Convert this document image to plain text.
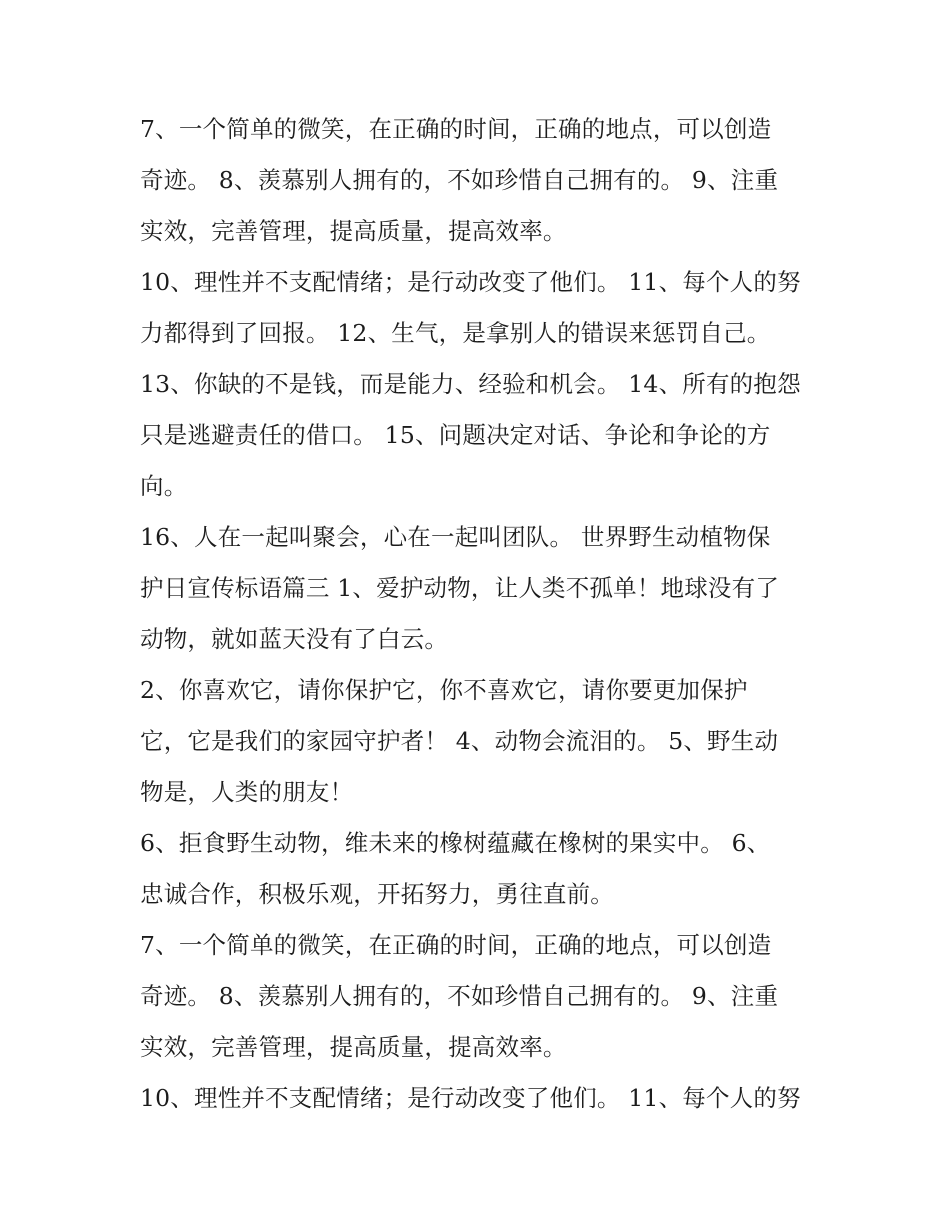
7、一个简单的微笑，在正确的时间，正确的地点，可以创造
奇迹。 8、羡慕别人拥有的，不如珍惜自己拥有的。 9、注重
实效，完善管理，提高质量，提高效率。
10、理性并不支配情绪；是行动改变了他们。 11、每个人的努
力都得到了回报。 12、生气，是拿别人的错误来惩罚自己。
13、你缺的不是钱，而是能力、经验和机会。 14、所有的抱怨
只是逃避责任的借口。 15、问题决定对话、争论和争论的方
向。
16、人在一起叫聚会，心在一起叫团队。 世界野生动植物保
护日宣传标语篇三 1、爱护动物，让人类不孤单！地球没有了
动物，就如蓝天没有了白云。
2、你喜欢它，请你保护它，你不喜欢它，请你要更加保护
它，它是我们的家园守护者！ 4、动物会流泪的。 5、野生动
物是，人类的朋友！
6、拒食野生动物，维未来的橡树蕴藏在橡树的果实中。 6、
忠诚合作，积极乐观，开拓努力，勇往直前。
7、一个简单的微笑，在正确的时间，正确的地点，可以创造
奇迹。 8、羡慕别人拥有的，不如珍惜自己拥有的。 9、注重
实效，完善管理，提高质量，提高效率。
10、理性并不支配情绪；是行动改变了他们。 11、每个人的努
